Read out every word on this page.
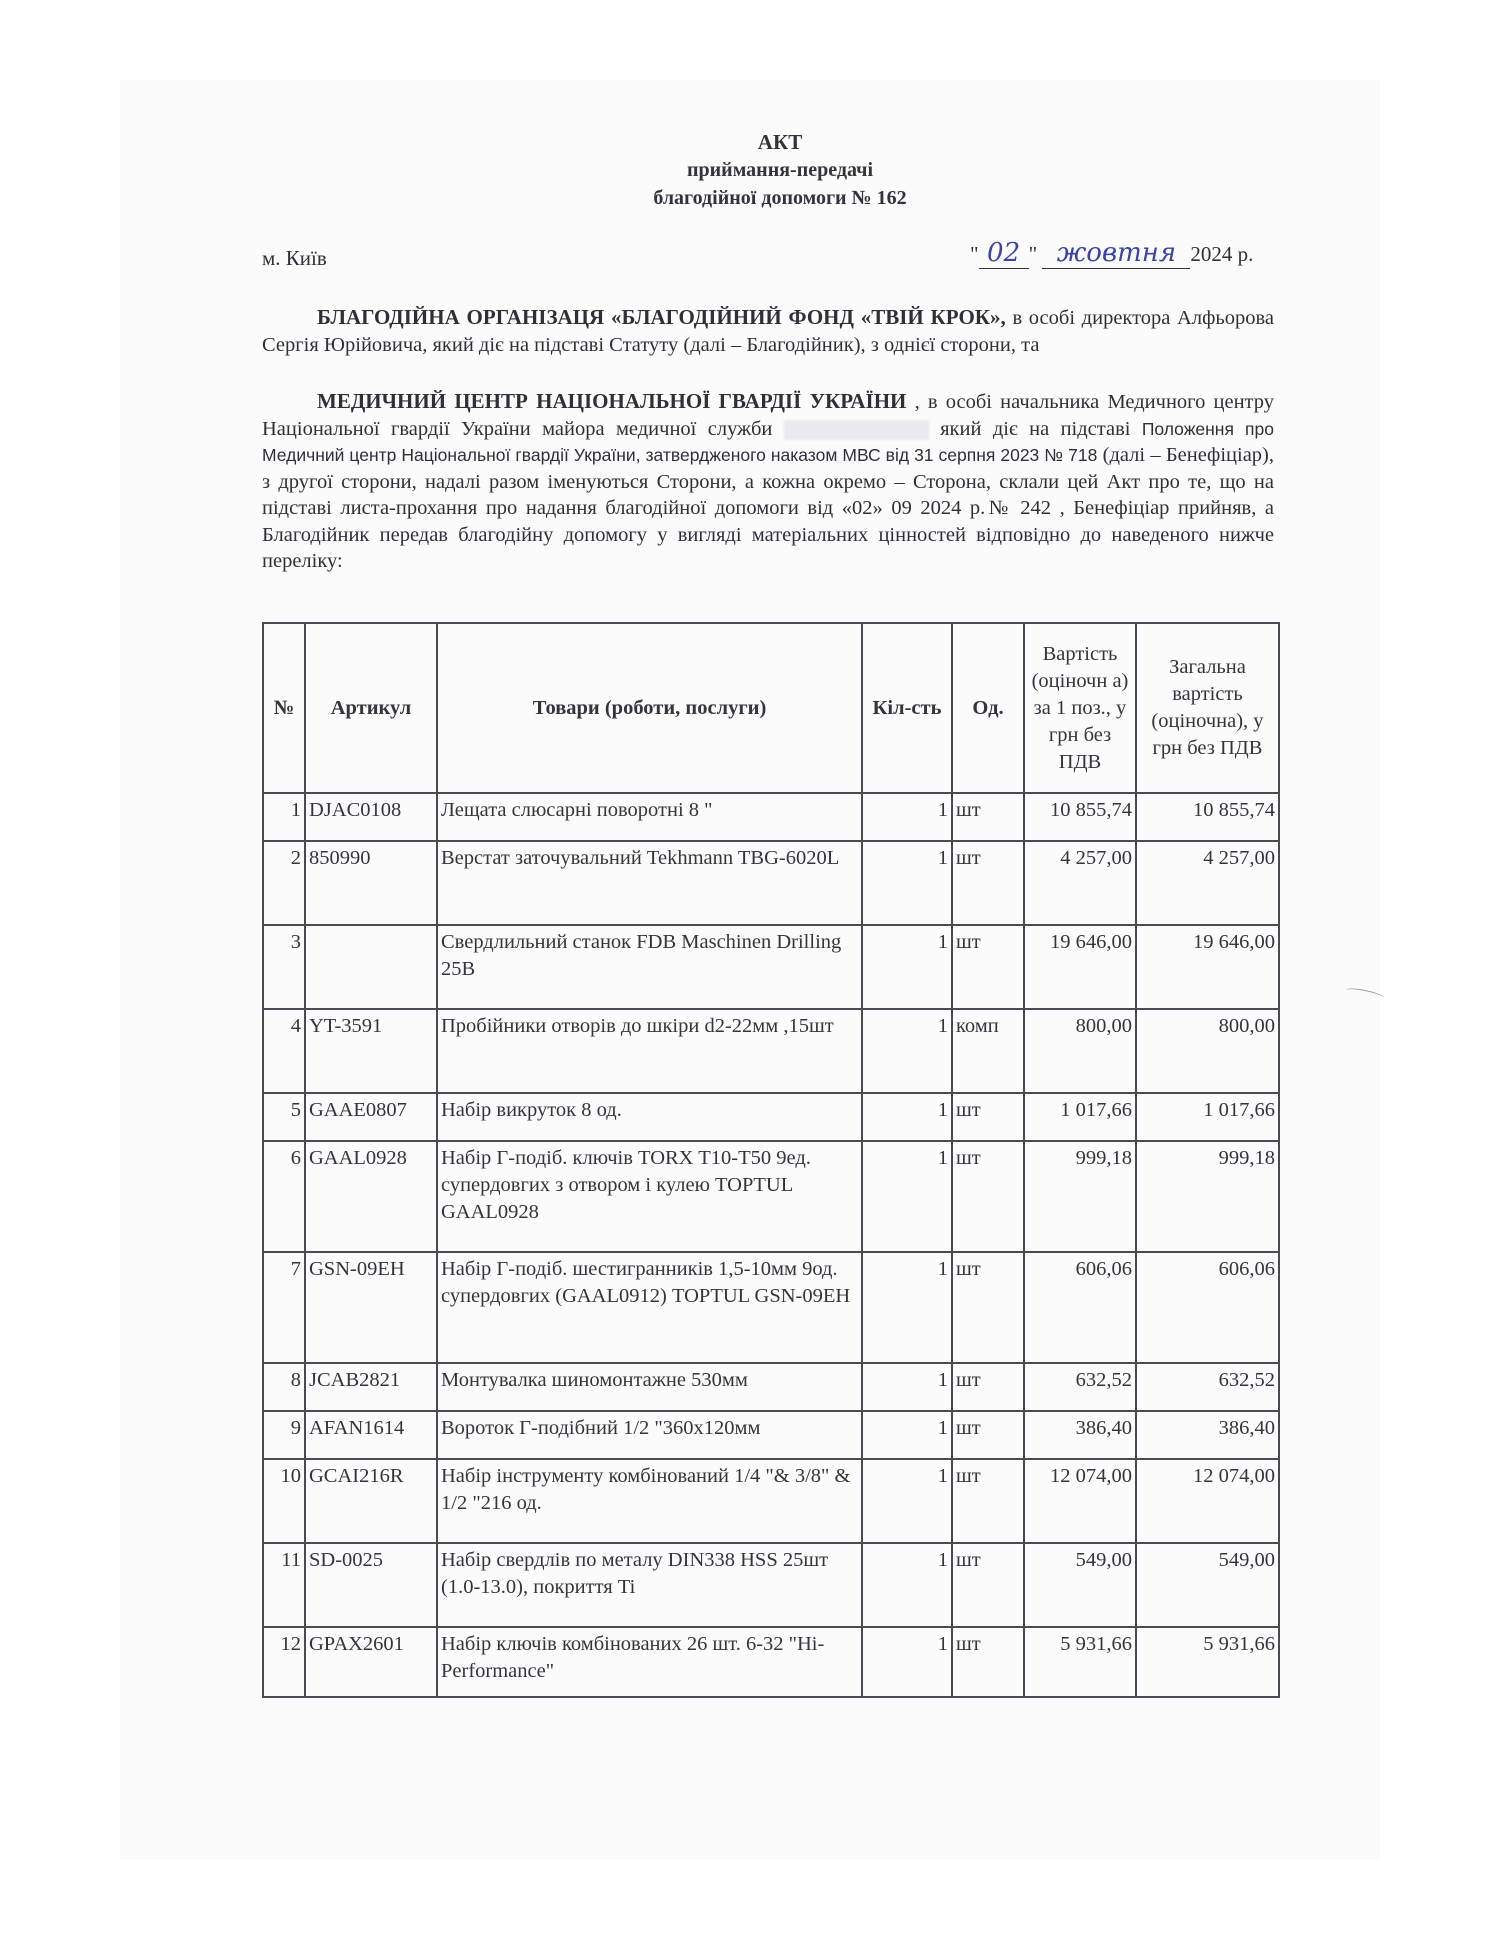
АКТ
приймання-передачі
благодійної допомоги № 162
м. Київ	" 02 " жовтня 2024 р.
БЛАГОДІЙНА ОРГАНІЗАЦЯ «БЛАГОДІЙНИЙ ФОНД «ТВІЙ КРОК», в особі директора Алфьорова Сергія Юрійовича, який діє на підставі Статуту (далі – Благодійник), з однієї сторони, та
МЕДИЧНИЙ ЦЕНТР НАЦІОНАЛЬНОЇ ГВАРДІЇ УКРАЇНИ , в особі начальника Медичного центру Національної гвардії України майора медичної служби	який діє на підставі Положення про Медичний центр Національної гвардії України, затвердженого наказом МВС від 31 серпня 2023 № 718 (далі – Бенефіціар), з другої сторони, надалі разом іменуються Сторони, а кожна окремо – Сторона, склали цей Акт про те, що на підставі листа-прохання про надання благодійної допомоги від «02» 09 2024 р.№ 242 , Бенефіціар прийняв, а Благодійник передав благодійну допомогу у вигляді матеріальних цінностей відповідно до наведеного нижче переліку:
№	Артикул	Товари (роботи, послуги)	Кіл-сть	Од.	Вартість (оціночн а) за 1 поз., у грн без ПДВ	Загальна вартість (оціночна), у грн без ПДВ
1	DJAC0108	Лещата слюсарні поворотні 8 "	1	шт	10 855,74	10 855,74
2	850990	Верстат заточувальний Tekhmann TBG-6020L	1	шт	4 257,00	4 257,00
3		Свердлильний станок FDB Maschinen Drilling 25B	1	шт	19 646,00	19 646,00
4	YT-3591	Пробійники отворів до шкіри d2-22мм ,15шт	1	комп	800,00	800,00
5	GAAE0807	Набір викруток 8 од.	1	шт	1 017,66	1 017,66
6	GAAL0928	Набір Г-подіб. ключів TORX T10-T50 9ед. супердовгих з отвором і кулею TOPTUL GAAL0928	1	шт	999,18	999,18
7	GSN-09EH	Набір Г-подіб. шестигранників 1,5-10мм 9од. супердовгих (GAAL0912) TOPTUL GSN-09EH	1	шт	606,06	606,06
8	JCAB2821	Монтувалка шиномонтажне 530мм	1	шт	632,52	632,52
9	AFAN1614	Вороток Г-подібний 1/2 "360x120мм	1	шт	386,40	386,40
10	GCAI216R	Набір інструменту комбінований 1/4 "& 3/8" & 1/2 "216 од.	1	шт	12 074,00	12 074,00
11	SD-0025	Набір свердлів по металу DIN338 HSS 25шт (1.0-13.0), покриття Ti	1	шт	549,00	549,00
12	GPAX2601	Набір ключів комбінованих 26 шт. 6-32 "Hi-Performance"	1	шт	5 931,66	5 931,66
